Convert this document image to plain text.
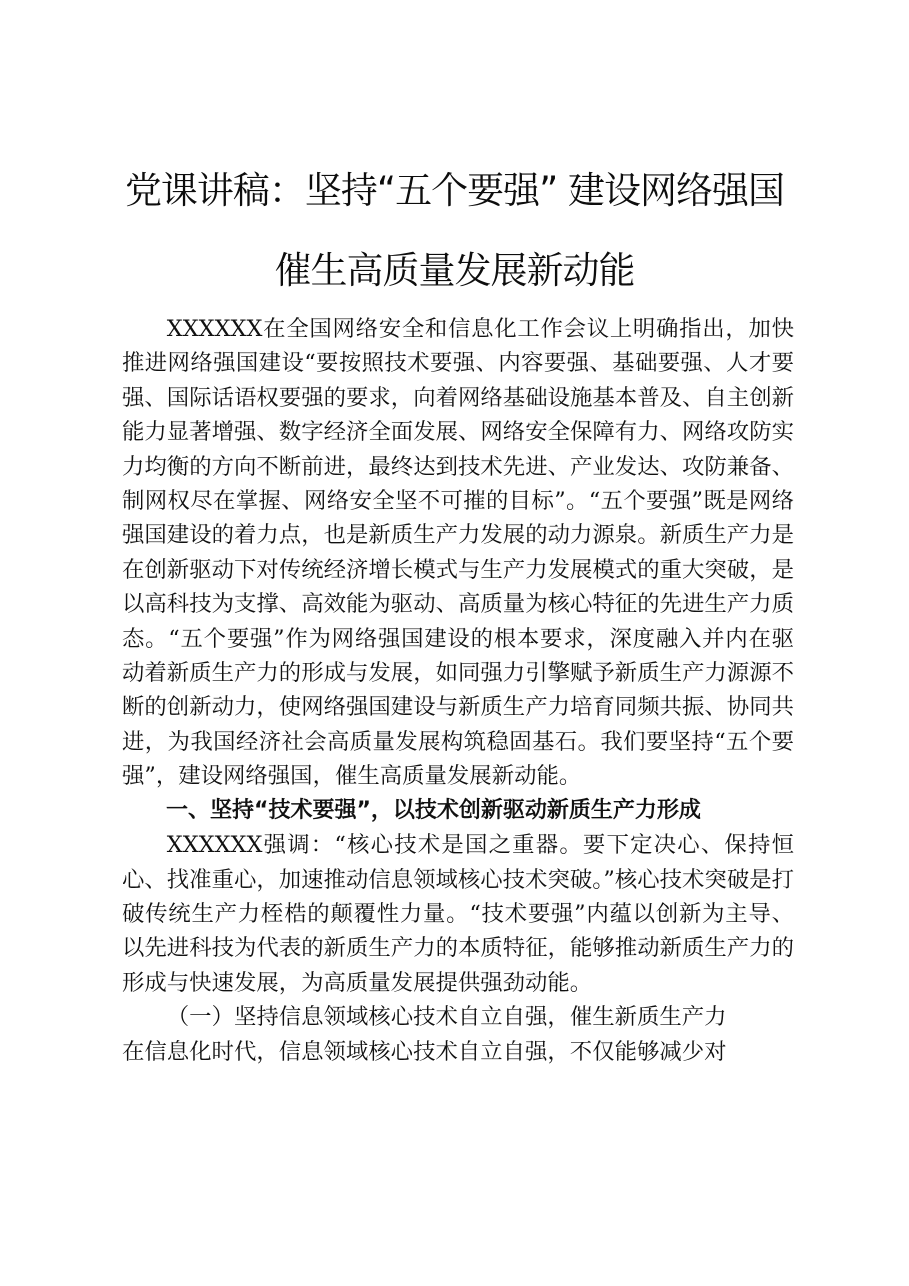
党课讲稿：坚持“五个要强” 建设网络强国
催生高质量发展新动能

XXXXXX在全国网络安全和信息化工作会议上明确指出，加快推进网络强国建设“要按照技术要强、内容要强、基础要强、人才要强、国际话语权要强的要求，向着网络基础设施基本普及、自主创新能力显著增强、数字经济全面发展、网络安全保障有力、网络攻防实力均衡的方向不断前进，最终达到技术先进、产业发达、攻防兼备、制网权尽在掌握、网络安全坚不可摧的目标”。“五个要强”既是网络强国建设的着力点，也是新质生产力发展的动力源泉。新质生产力是在创新驱动下对传统经济增长模式与生产力发展模式的重大突破，是以高科技为支撑、高效能为驱动、高质量为核心特征的先进生产力质态。“五个要强”作为网络强国建设的根本要求，深度融入并内在驱动着新质生产力的形成与发展，如同强力引擎赋予新质生产力源源不断的创新动力，使网络强国建设与新质生产力培育同频共振、协同共进，为我国经济社会高质量发展构筑稳固基石。我们要坚持“五个要强”，建设网络强国，催生高质量发展新动能。

一、坚持“技术要强”，以技术创新驱动新质生产力形成

XXXXXX强调：“核心技术是国之重器。要下定决心、保持恒心、找准重心，加速推动信息领域核心技术突破。”核心技术突破是打破传统生产力桎梏的颠覆性力量。“技术要强”内蕴以创新为主导、以先进科技为代表的新质生产力的本质特征，能够推动新质生产力的形成与快速发展，为高质量发展提供强劲动能。

（一）坚持信息领域核心技术自立自强，催生新质生产力

在信息化时代，信息领域核心技术自立自强，不仅能够减少对
